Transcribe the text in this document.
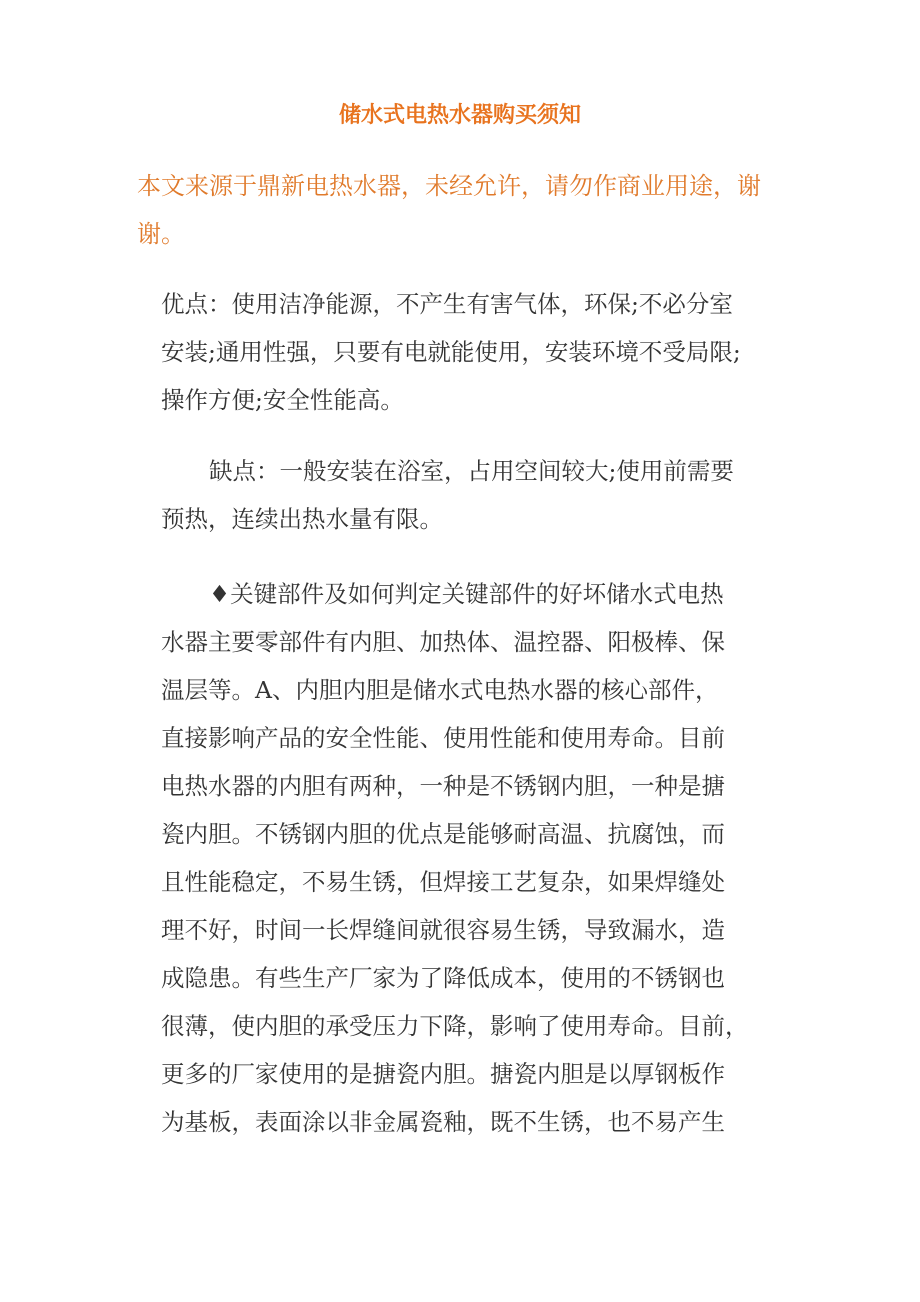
储水式电热水器购买须知

本文来源于鼎新电热水器，未经允许，请勿作商业用途，谢

谢。

优点：使用洁净能源，不产生有害气体，环保;不必分室

安装;通用性强，只要有电就能使用，安装环境不受局限;

操作方便;安全性能高。

缺点：一般安装在浴室，占用空间较大;使用前需要

预热，连续出热水量有限。

♦关键部件及如何判定关键部件的好坏储水式电热

水器主要零部件有内胆、加热体、温控器、阳极棒、保

温层等。A、内胆内胆是储水式电热水器的核心部件，

直接影响产品的安全性能、使用性能和使用寿命。目前

电热水器的内胆有两种，一种是不锈钢内胆，一种是搪

瓷内胆。不锈钢内胆的优点是能够耐高温、抗腐蚀，而

且性能稳定，不易生锈，但焊接工艺复杂，如果焊缝处

理不好，时间一长焊缝间就很容易生锈，导致漏水，造

成隐患。有些生产厂家为了降低成本，使用的不锈钢也

很薄，使内胆的承受压力下降，影响了使用寿命。目前，

更多的厂家使用的是搪瓷内胆。搪瓷内胆是以厚钢板作

为基板，表面涂以非金属瓷釉，既不生锈，也不易产生
